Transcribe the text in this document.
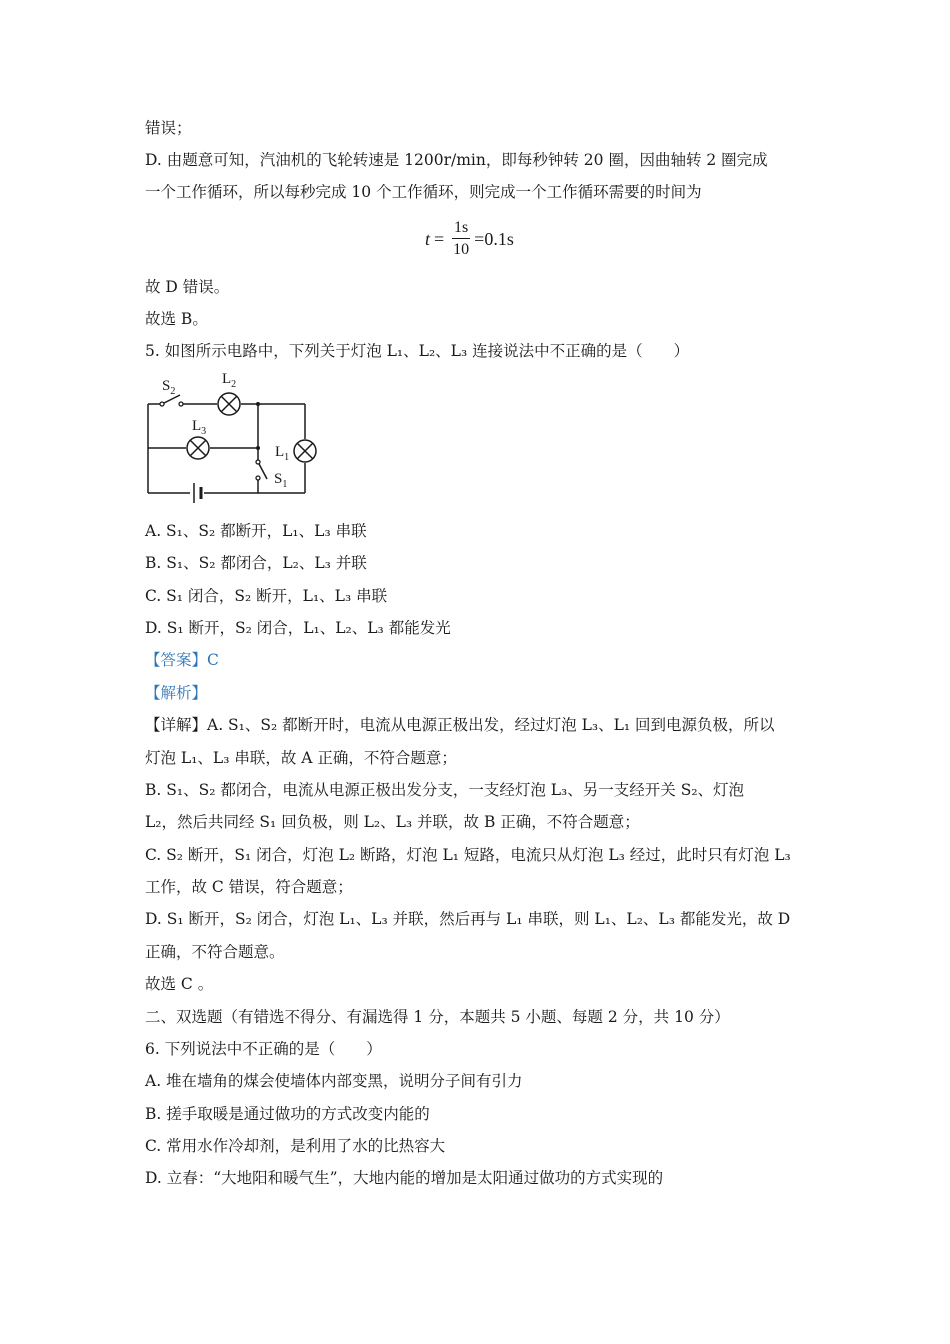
错误；
D. 由题意可知，汽油机的飞轮转速是 1200r/min，即每秒钟转 20 圈，因曲轴转 2 圈完成
一个工作循环，所以每秒完成 10 个工作循环，则完成一个工作循环需要的时间为
$t = \frac{1s}{10} =0.1s$
故 D 错误。
故选 B。
5. 如图所示电路中，下列关于灯泡 L₁、L₂、L₃ 连接说法中不正确的是（　　）
$S_2$
$L_2$
$L_3$
$L_1$
$S_1$
A. S₁、S₂ 都断开，L₁、L₃ 串联
B. S₁、S₂ 都闭合，L₂、L₃ 并联
C. S₁ 闭合，S₂ 断开，L₁、L₃ 串联
D. S₁ 断开，S₂ 闭合，L₁、L₂、L₃ 都能发光
【答案】C
【解析】
【详解】A. S₁、S₂ 都断开时，电流从电源正极出发，经过灯泡 L₃、L₁ 回到电源负极，所以
灯泡 L₁、L₃ 串联，故 A 正确，不符合题意；
B. S₁、S₂ 都闭合，电流从电源正极出发分支，一支经灯泡 L₃、另一支经开关 S₂、灯泡
L₂，然后共同经 S₁ 回负极，则 L₂、L₃ 并联，故 B 正确，不符合题意；
C. S₂ 断开，S₁ 闭合，灯泡 L₂ 断路，灯泡 L₁ 短路，电流只从灯泡 L₃ 经过，此时只有灯泡 L₃
工作，故 C 错误，符合题意；
D. S₁ 断开，S₂ 闭合，灯泡 L₁、L₃ 并联，然后再与 L₁ 串联，则 L₁、L₂、L₃ 都能发光，故 D
正确，不符合题意。
故选 C 。
二、双选题（有错选不得分、有漏选得 1 分，本题共 5 小题、每题 2 分，共 10 分）
6. 下列说法中不正确的是（　　）
A. 堆在墙角的煤会使墙体内部变黑，说明分子间有引力
B. 搓手取暖是通过做功的方式改变内能的
C. 常用水作冷却剂，是利用了水的比热容大
D. 立春：“大地阳和暖气生”，大地内能的增加是太阳通过做功的方式实现的
